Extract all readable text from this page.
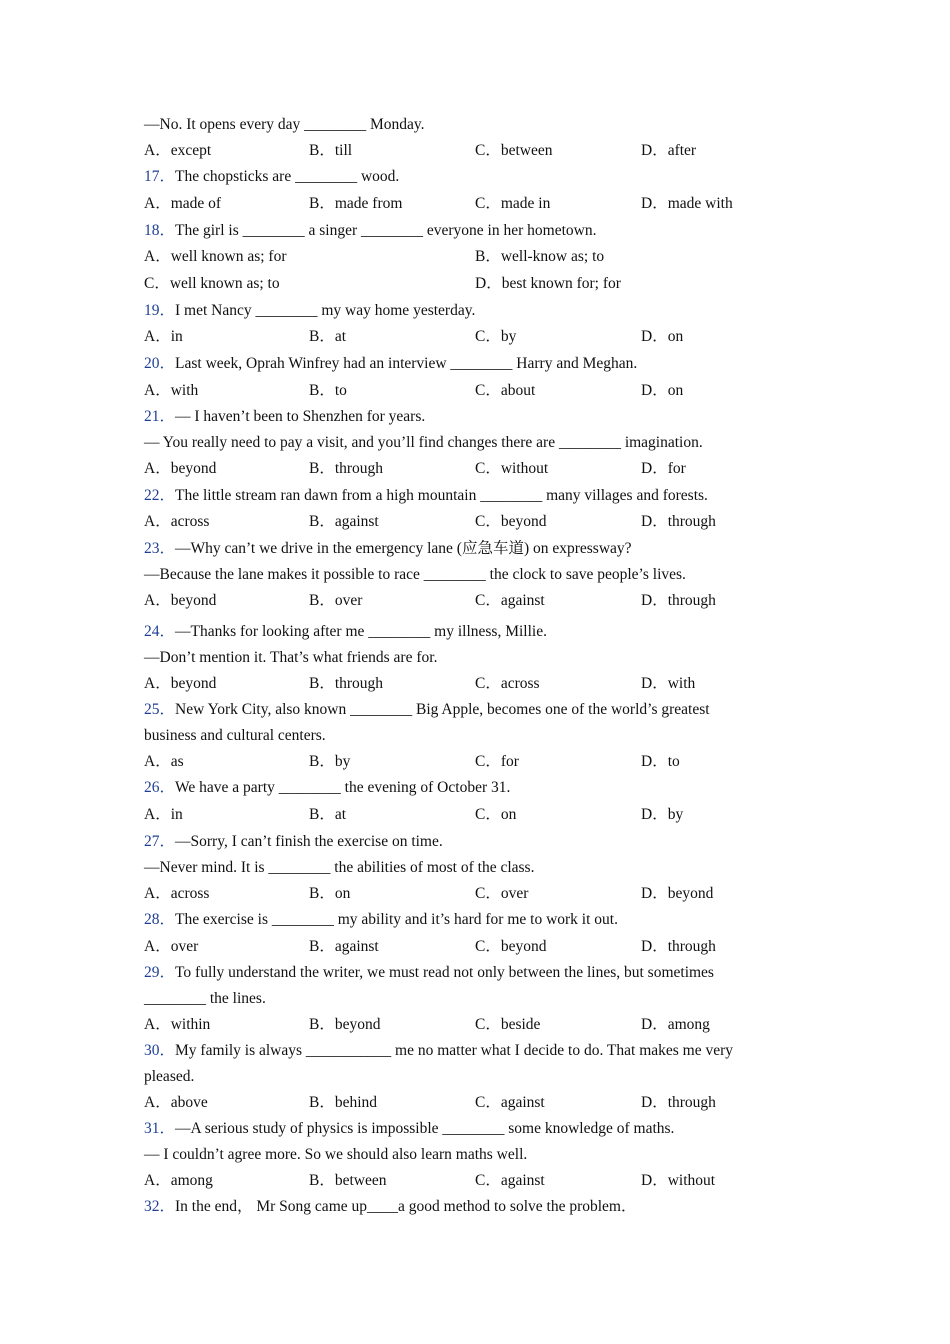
—No. It opens every day ________ Monday.
A．except	B．till	C．between	D．after
17．The chopsticks are ________ wood.
A．made of	B．made from	C．made in	D．made with
18．The girl is ________ a singer ________ everyone in her hometown.
A．well known as; for	B．well-know as; to
C．well known as; to	D．best known for; for
19．I met Nancy ________ my way home yesterday.
A．in	B．at	C．by	D．on
20．Last week, Oprah Winfrey had an interview ________ Harry and Meghan.
A．with	B．to	C．about	D．on
21．— I haven’t been to Shenzhen for years.
— You really need to pay a visit, and you’ll find changes there are ________ imagination.
A．beyond	B．through	C．without	D．for
22．The little stream ran dawn from a high mountain ________ many villages and forests.
A．across	B．against	C．beyond	D．through
23．—Why can’t we drive in the emergency lane (应急车道) on expressway?
—Because the lane makes it possible to race ________ the clock to save people’s lives.
A．beyond	B．over	C．against	D．through
24．—Thanks for looking after me ________ my illness, Millie.
—Don’t mention it. That’s what friends are for.
A．beyond	B．through	C．across	D．with
25．New York City, also known ________ Big Apple, becomes one of the world’s greatest
business and cultural centers.
A．as	B．by	C．for	D．to
26．We have a party ________ the evening of October 31.
A．in	B．at	C．on	D．by
27．—Sorry, I can’t finish the exercise on time.
—Never mind. It is ________ the abilities of most of the class.
A．across	B．on	C．over	D．beyond
28．The exercise is ________ my ability and it’s hard for me to work it out.
A．over	B．against	C．beyond	D．through
29．To fully understand the writer, we must read not only between the lines, but sometimes
________ the lines.
A．within	B．beyond	C．beside	D．among
30．My family is always ___________ me no matter what I decide to do. That makes me very
pleased.
A．above	B．behind	C．against	D．through
31．—A serious study of physics is impossible ________ some knowledge of maths.
— I couldn’t agree more. So we should also learn maths well.
A．among	B．between	C．against	D．without
32．In the end， Mr Song came up____a good method to solve the problem．
